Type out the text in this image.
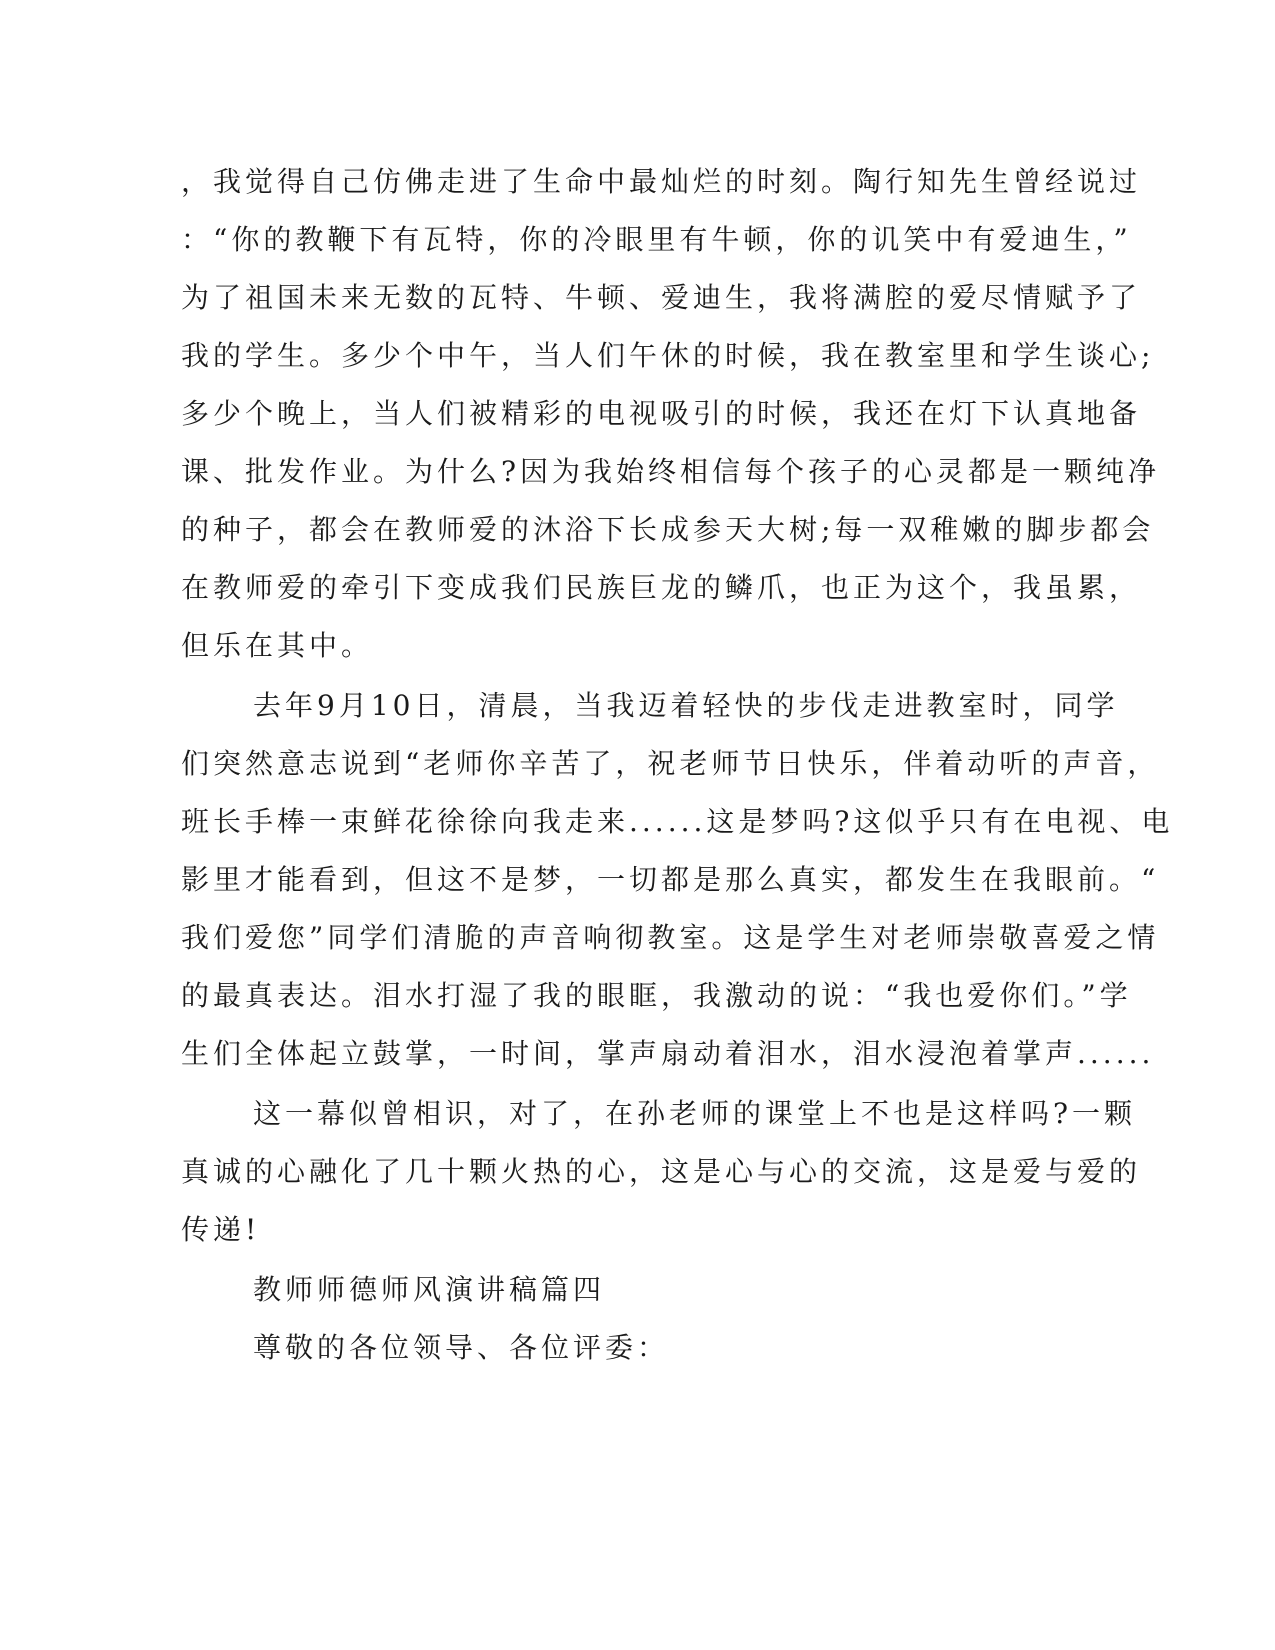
，我觉得自己仿佛走进了生命中最灿烂的时刻。陶行知先生曾经说过
：“你的教鞭下有瓦特，你的冷眼里有牛顿，你的讥笑中有爱迪生，”
为了祖国未来无数的瓦特、牛顿、爱迪生，我将满腔的爱尽情赋予了
我的学生。多少个中午，当人们午休的时候，我在教室里和学生谈心;
多少个晚上，当人们被精彩的电视吸引的时候，我还在灯下认真地备
课、批发作业。为什么?因为我始终相信每个孩子的心灵都是一颗纯净
的种子，都会在教师爱的沐浴下长成参天大树;每一双稚嫩的脚步都会
在教师爱的牵引下变成我们民族巨龙的鳞爪，也正为这个，我虽累，
但乐在其中。
去年9月10日，清晨，当我迈着轻快的步伐走进教室时，同学
们突然意志说到“老师你辛苦了，祝老师节日快乐，伴着动听的声音，
班长手棒一束鲜花徐徐向我走来......这是梦吗?这似乎只有在电视、电
影里才能看到，但这不是梦，一切都是那么真实，都发生在我眼前。“
我们爱您”同学们清脆的声音响彻教室。这是学生对老师崇敬喜爱之情
的最真表达。泪水打湿了我的眼眶，我激动的说：“我也爱你们。”学
生们全体起立鼓掌，一时间，掌声扇动着泪水，泪水浸泡着掌声......
这一幕似曾相识，对了，在孙老师的课堂上不也是这样吗?一颗
真诚的心融化了几十颗火热的心，这是心与心的交流，这是爱与爱的
传递!
教师师德师风演讲稿篇四
尊敬的各位领导、各位评委：
